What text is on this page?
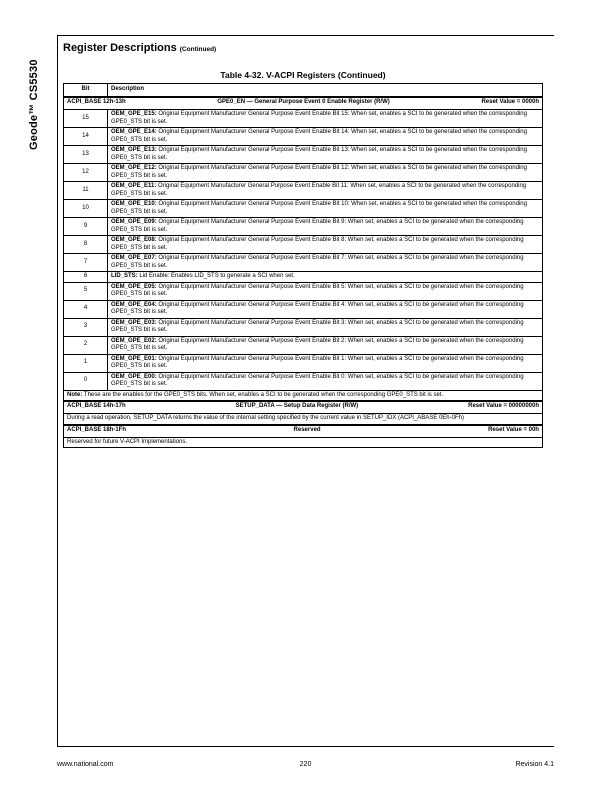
Geode™ CS5530
Register Descriptions (Continued)
Table 4-32. V-ACPI Registers (Continued)
Bit	Description

ACPI_BASE 12h-13h GPE0_EN — General Purpose Event 0 Enable Register (R/W) Reset Value = 0000h	

15	OEM_GPE_E15: Original Equipment Manufacturer General Purpose Event Enable Bit 15: When set, enables a SCI to be generated when the corresponding GPE0_STS bit is set.
14	OEM_GPE_E14: Original Equipment Manufacturer General Purpose Event Enable Bit 14: When set, enables a SCI to be generated when the corresponding GPE0_STS bit is set.
13	OEM_GPE_E13: Original Equipment Manufacturer General Purpose Event Enable Bit 13: When set, enables a SCI to be generated when the corresponding GPE0_STS bit is set.
12	OEM_GPE_E12: Original Equipment Manufacturer General Purpose Event Enable Bit 12: When set, enables a SCI to be generated when the corresponding GPE0_STS bit is set.
11	OEM_GPE_E11: Original Equipment Manufacturer General Purpose Event Enable Bit 11: When set, enables a SCI to be generated when the corresponding GPE0_STS bit is set.
10	OEM_GPE_E10: Original Equipment Manufacturer General Purpose Event Enable Bit 10: When set, enables a SCI to be generated when the corresponding GPE0_STS bit is set.
9	OEM_GPE_E09: Original Equipment Manufacturer General Purpose Event Enable Bit 9: When set, enables a SCI to be generated when the corresponding GPE0_STS bit is set.
8	OEM_GPE_E08: Original Equipment Manufacturer General Purpose Event Enable Bit 8: When set, enables a SCI to be generated when the corresponding GPE0_STS bit is set.
7	OEM_GPE_E07: Original Equipment Manufacturer General Purpose Event Enable Bit 7: When set, enables a SCI to be generated when the corresponding GPE0_STS bit is set.
6	LID_STS: Lid Enable: Enables LID_STS to generate a SCI when set.
5	OEM_GPE_E05: Original Equipment Manufacturer General Purpose Event Enable Bit 5: When set, enables a SCI to be generated when the corresponding GPE0_STS bit is set.
4	OEM_GPE_E04: Original Equipment Manufacturer General Purpose Event Enable Bit 4: When set, enables a SCI to be generated when the corresponding GPE0_STS bit is set.
3	OEM_GPE_E03: Original Equipment Manufacturer General Purpose Event Enable Bit 3: When set, enables a SCI to be generated when the corresponding GPE0_STS bit is set.
2	OEM_GPE_E02: Original Equipment Manufacturer General Purpose Event Enable Bit 2: When set, enables a SCI to be generated when the corresponding GPE0_STS bit is set.
1	OEM_GPE_E01: Original Equipment Manufacturer General Purpose Event Enable Bit 1: When set, enables a SCI to be generated when the corresponding GPE0_STS bit is set.
0	OEM_GPE_E00: Original Equipment Manufacturer General Purpose Event Enable Bit 0: When set, enables a SCI to be generated when the corresponding GPE0_STS bit is set.

Note: These are the enables for the GPE0_STS bits. When set, enables a SCI to be generated when the corresponding GPE0_STS bit is set.	

ACPI_BASE 14h-17h SETUP_DATA — Setup Data Register (R/W) Reset Value = 00000000h	

During a read operation, SETUP_DATA returns the value of the internal setting specified by the current value in SETUP_IDX (ACPI_ABASE 0Eh-0Fh)	

ACPI_BASE 18h-1Fh Reserved Reset Value = 00h	

Reserved for future V-ACPI Implementations.	
www.national.com	220	Revision 4.1
